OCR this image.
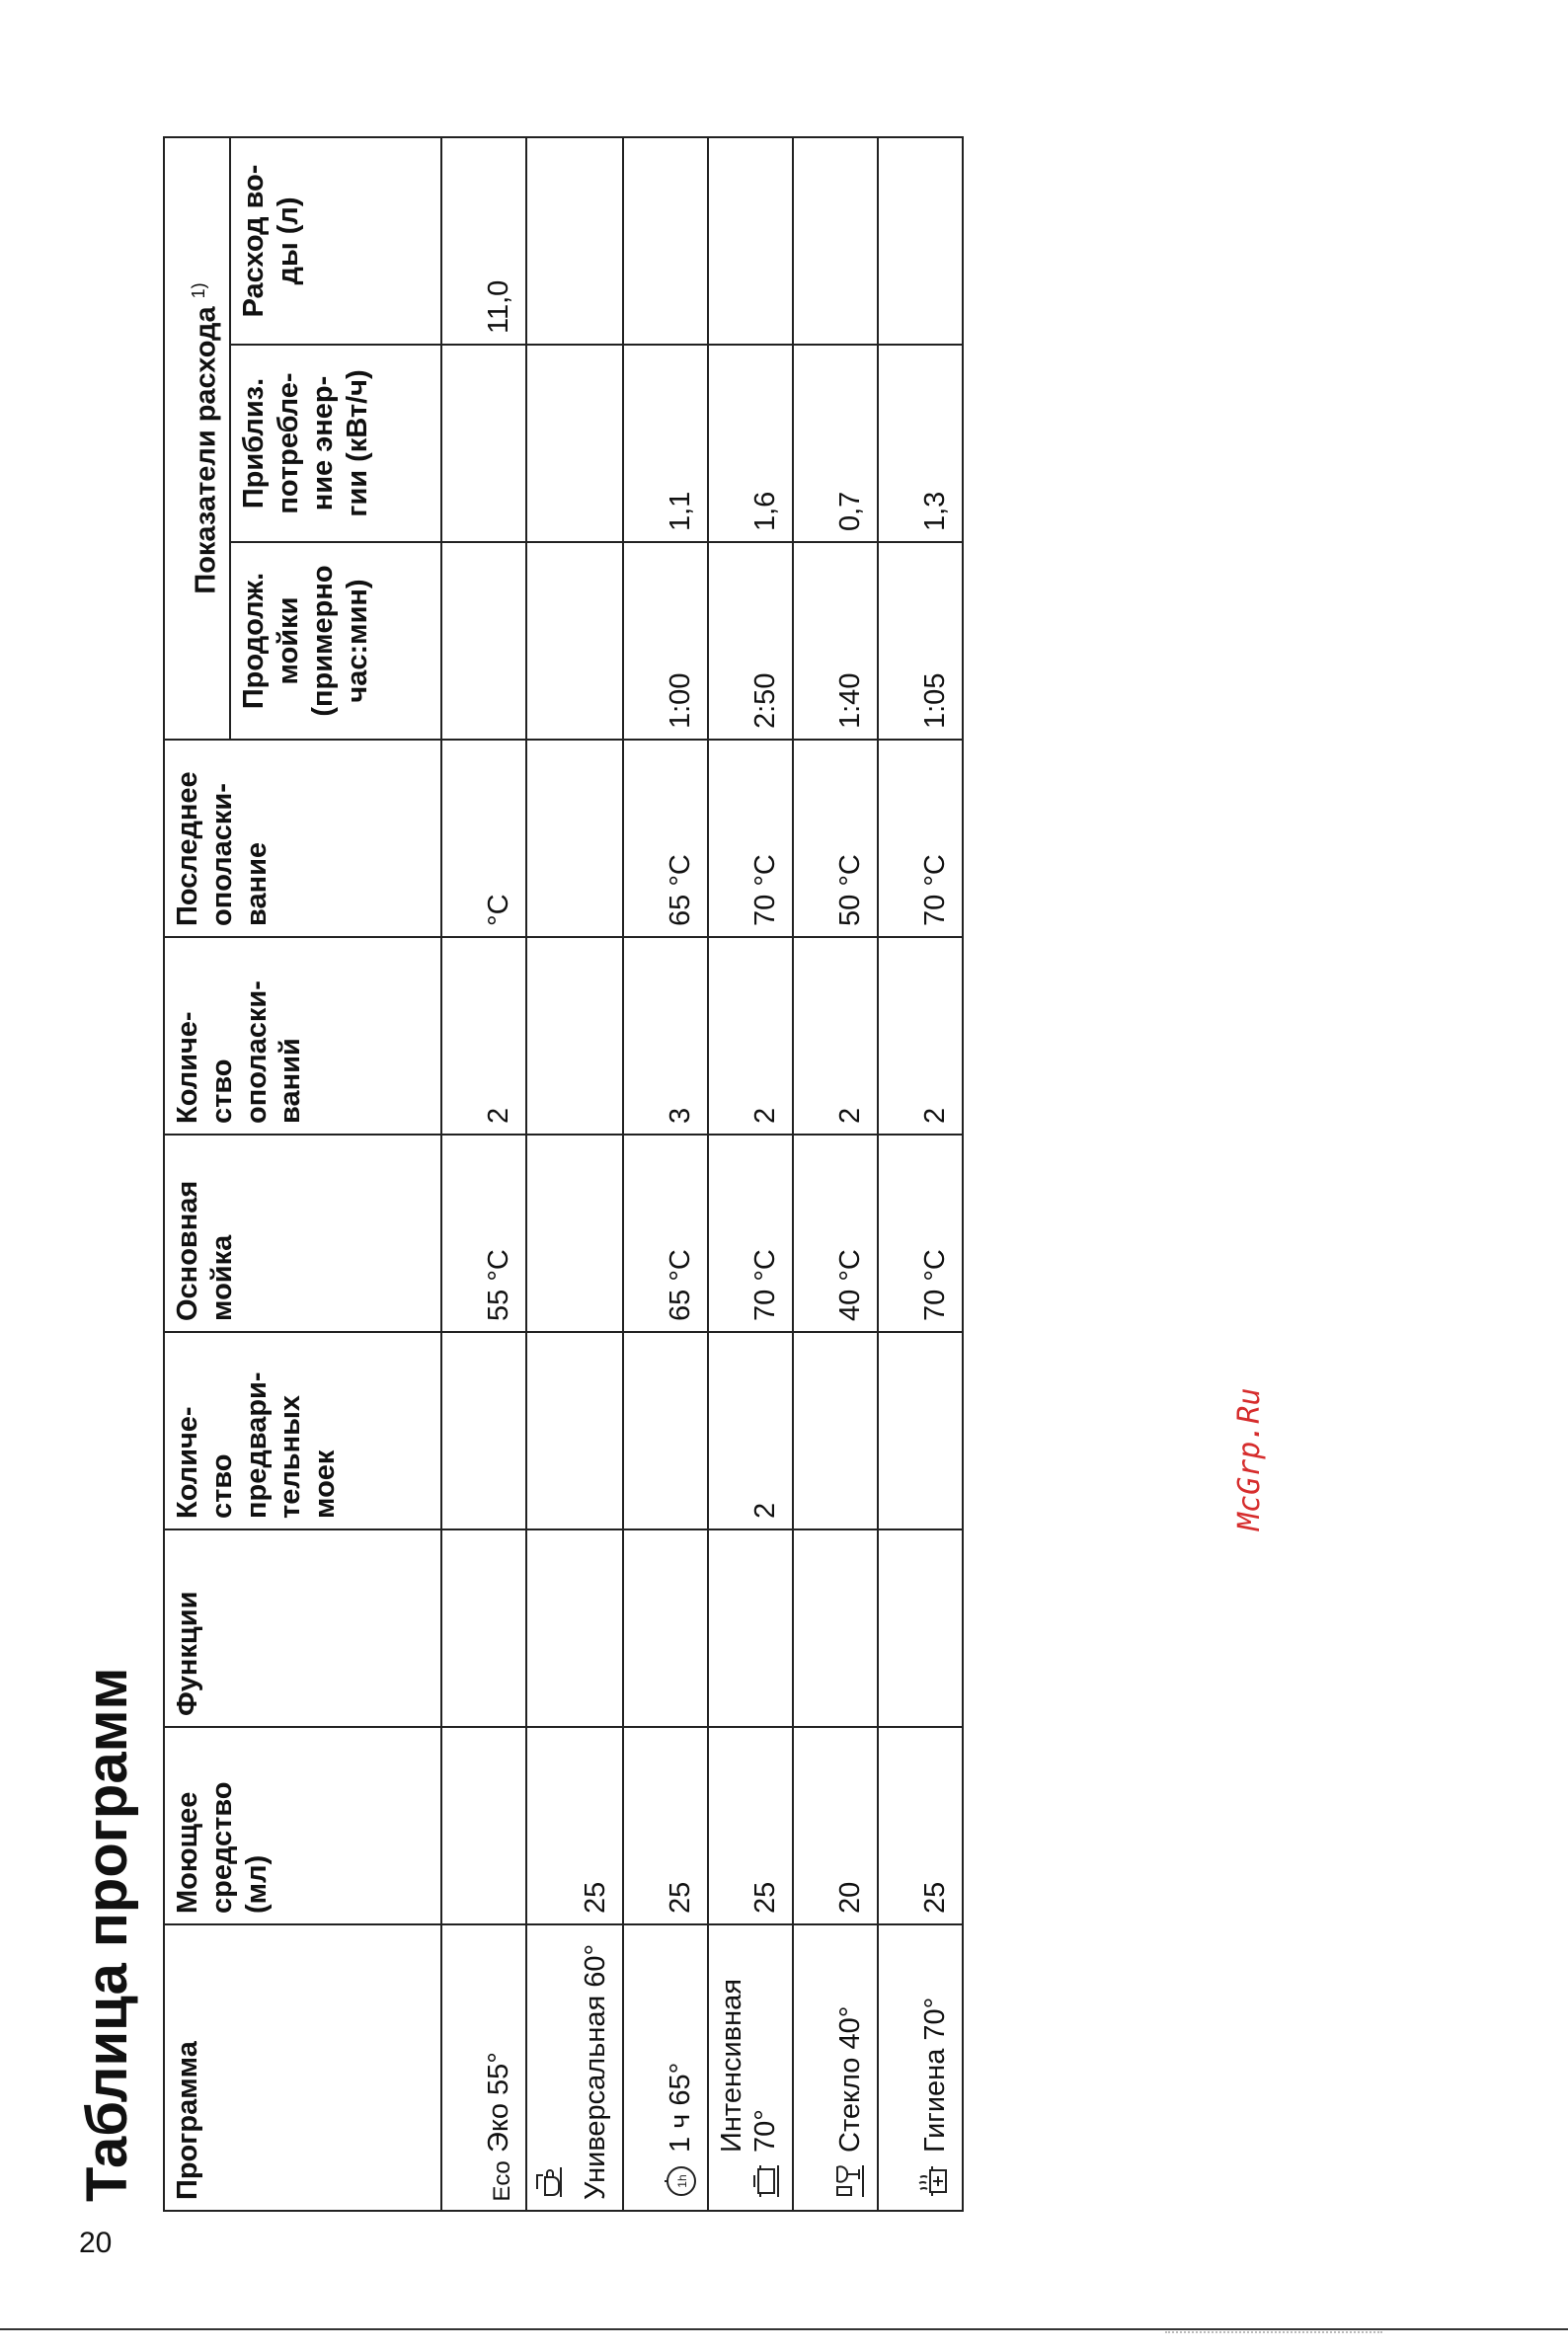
20
Таблица программ Программа	Моющее средство (мл)	Функции	Количе- ство предвари- тельных моек	Основная мойка	Количе- ство ополаски- ваний	Последнее ополаски- вание	Показатели расхода $^{1)}$
							Продолж. мойки (примерно час:мин)	Приблиз. потребле- ние энер- гии (кВт/ч)	Расход во- ды (л)

Eco
Эко 55°				55 °C	2	°C			11,0

Универсальная 60°	25								

1h
1 ч 65°	25			65 °C	3	65 °C	1:00	1,1	

Интенсивная 70°	25		2	70 °C	2	70 °C	2:50	1,6	

Стекло 40°	20			40 °C	2	50 °C	1:40	0,7	

Гигиена 70°	25			70 °C	2	70 °C	1:05	1,3	
McGrp.Ru
